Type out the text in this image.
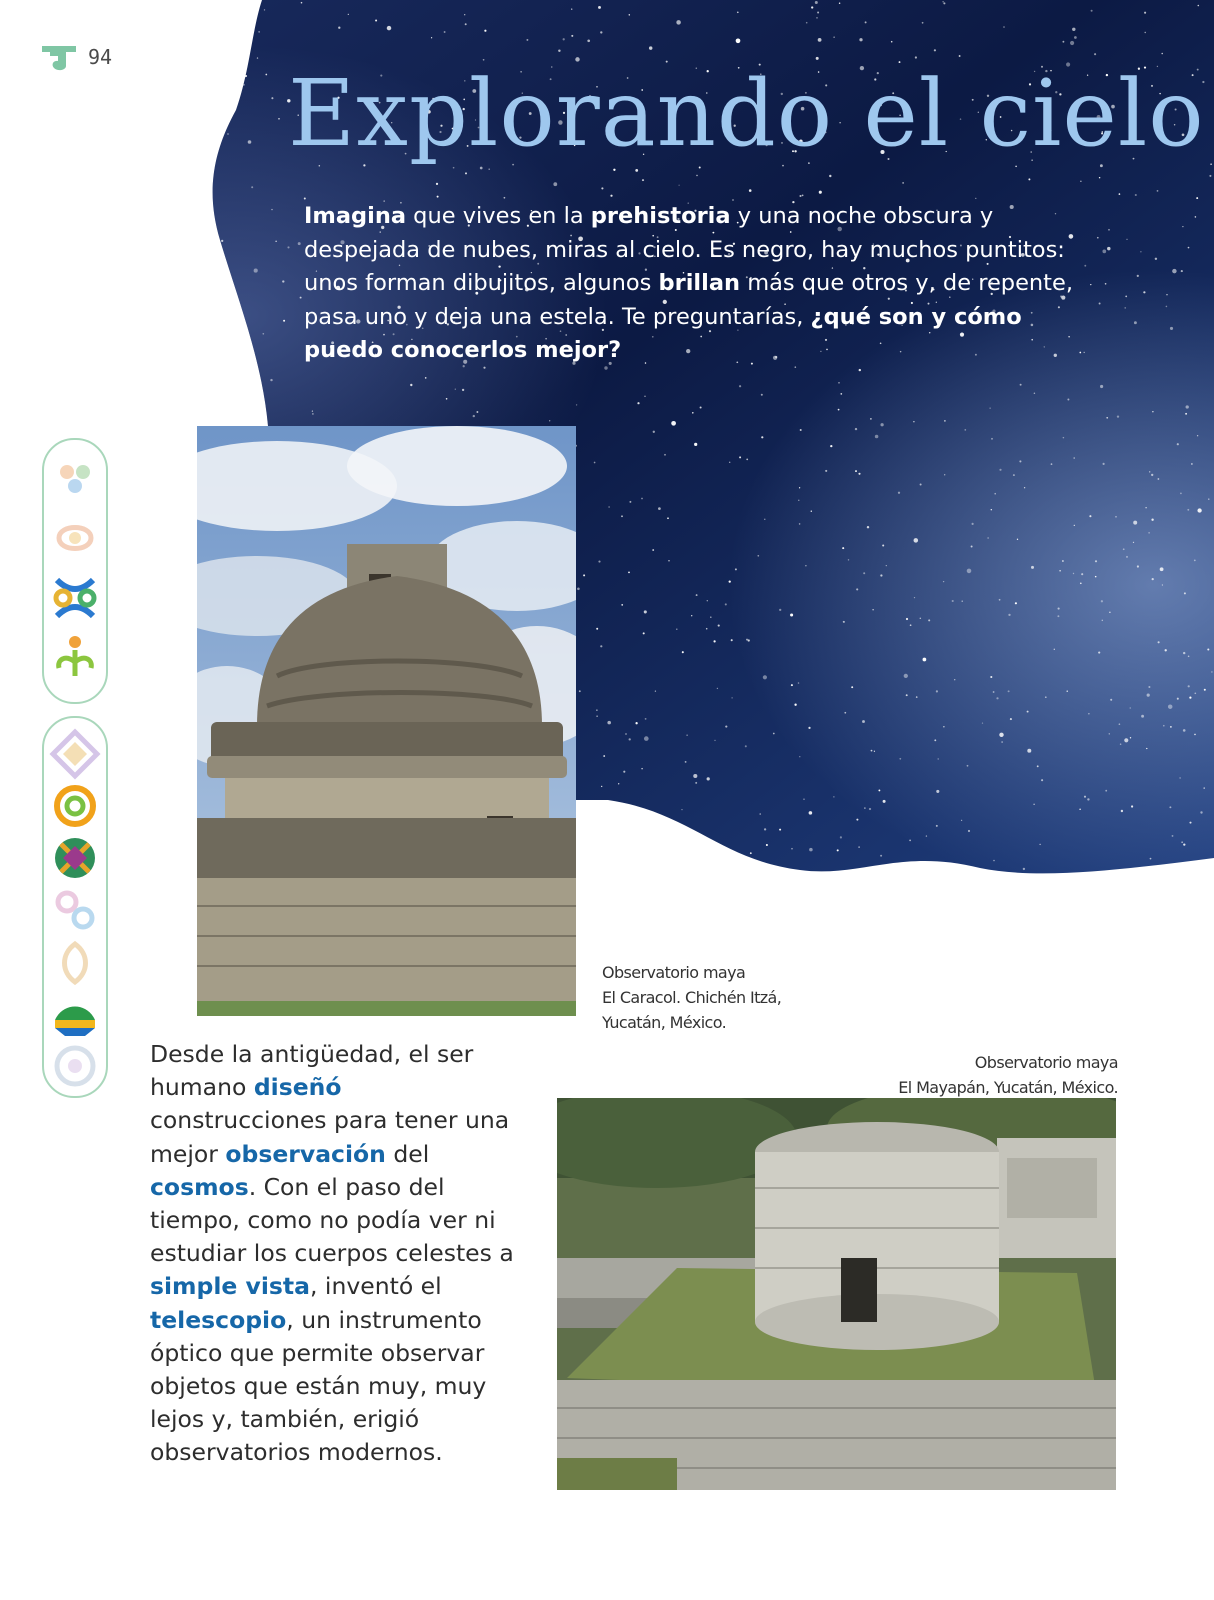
94
Explorando el cielo

Imagina que vives en la prehistoria y una noche obscura y despejada de nubes, miras al cielo. Es negro, hay muchos puntitos: unos forman dibujitos, algunos brillan más que otros y, de repente, pasa uno y deja una estela. Te preguntarías, ¿qué son y cómo puedo conocerlos mejor?

Observatorio maya
El Caracol. Chichén Itzá,
Yucatán, México.
Observatorio maya
El Mayapán, Yucatán, México.

Desde la antigüedad, el ser humano diseñó construcciones para tener una mejor observación del cosmos. Con el paso del tiempo, como no podía ver ni estudiar los cuerpos celestes a simple vista, inventó el telescopio, un instrumento óptico que permite observar objetos que están muy, muy lejos y, también, erigió observatorios modernos.
